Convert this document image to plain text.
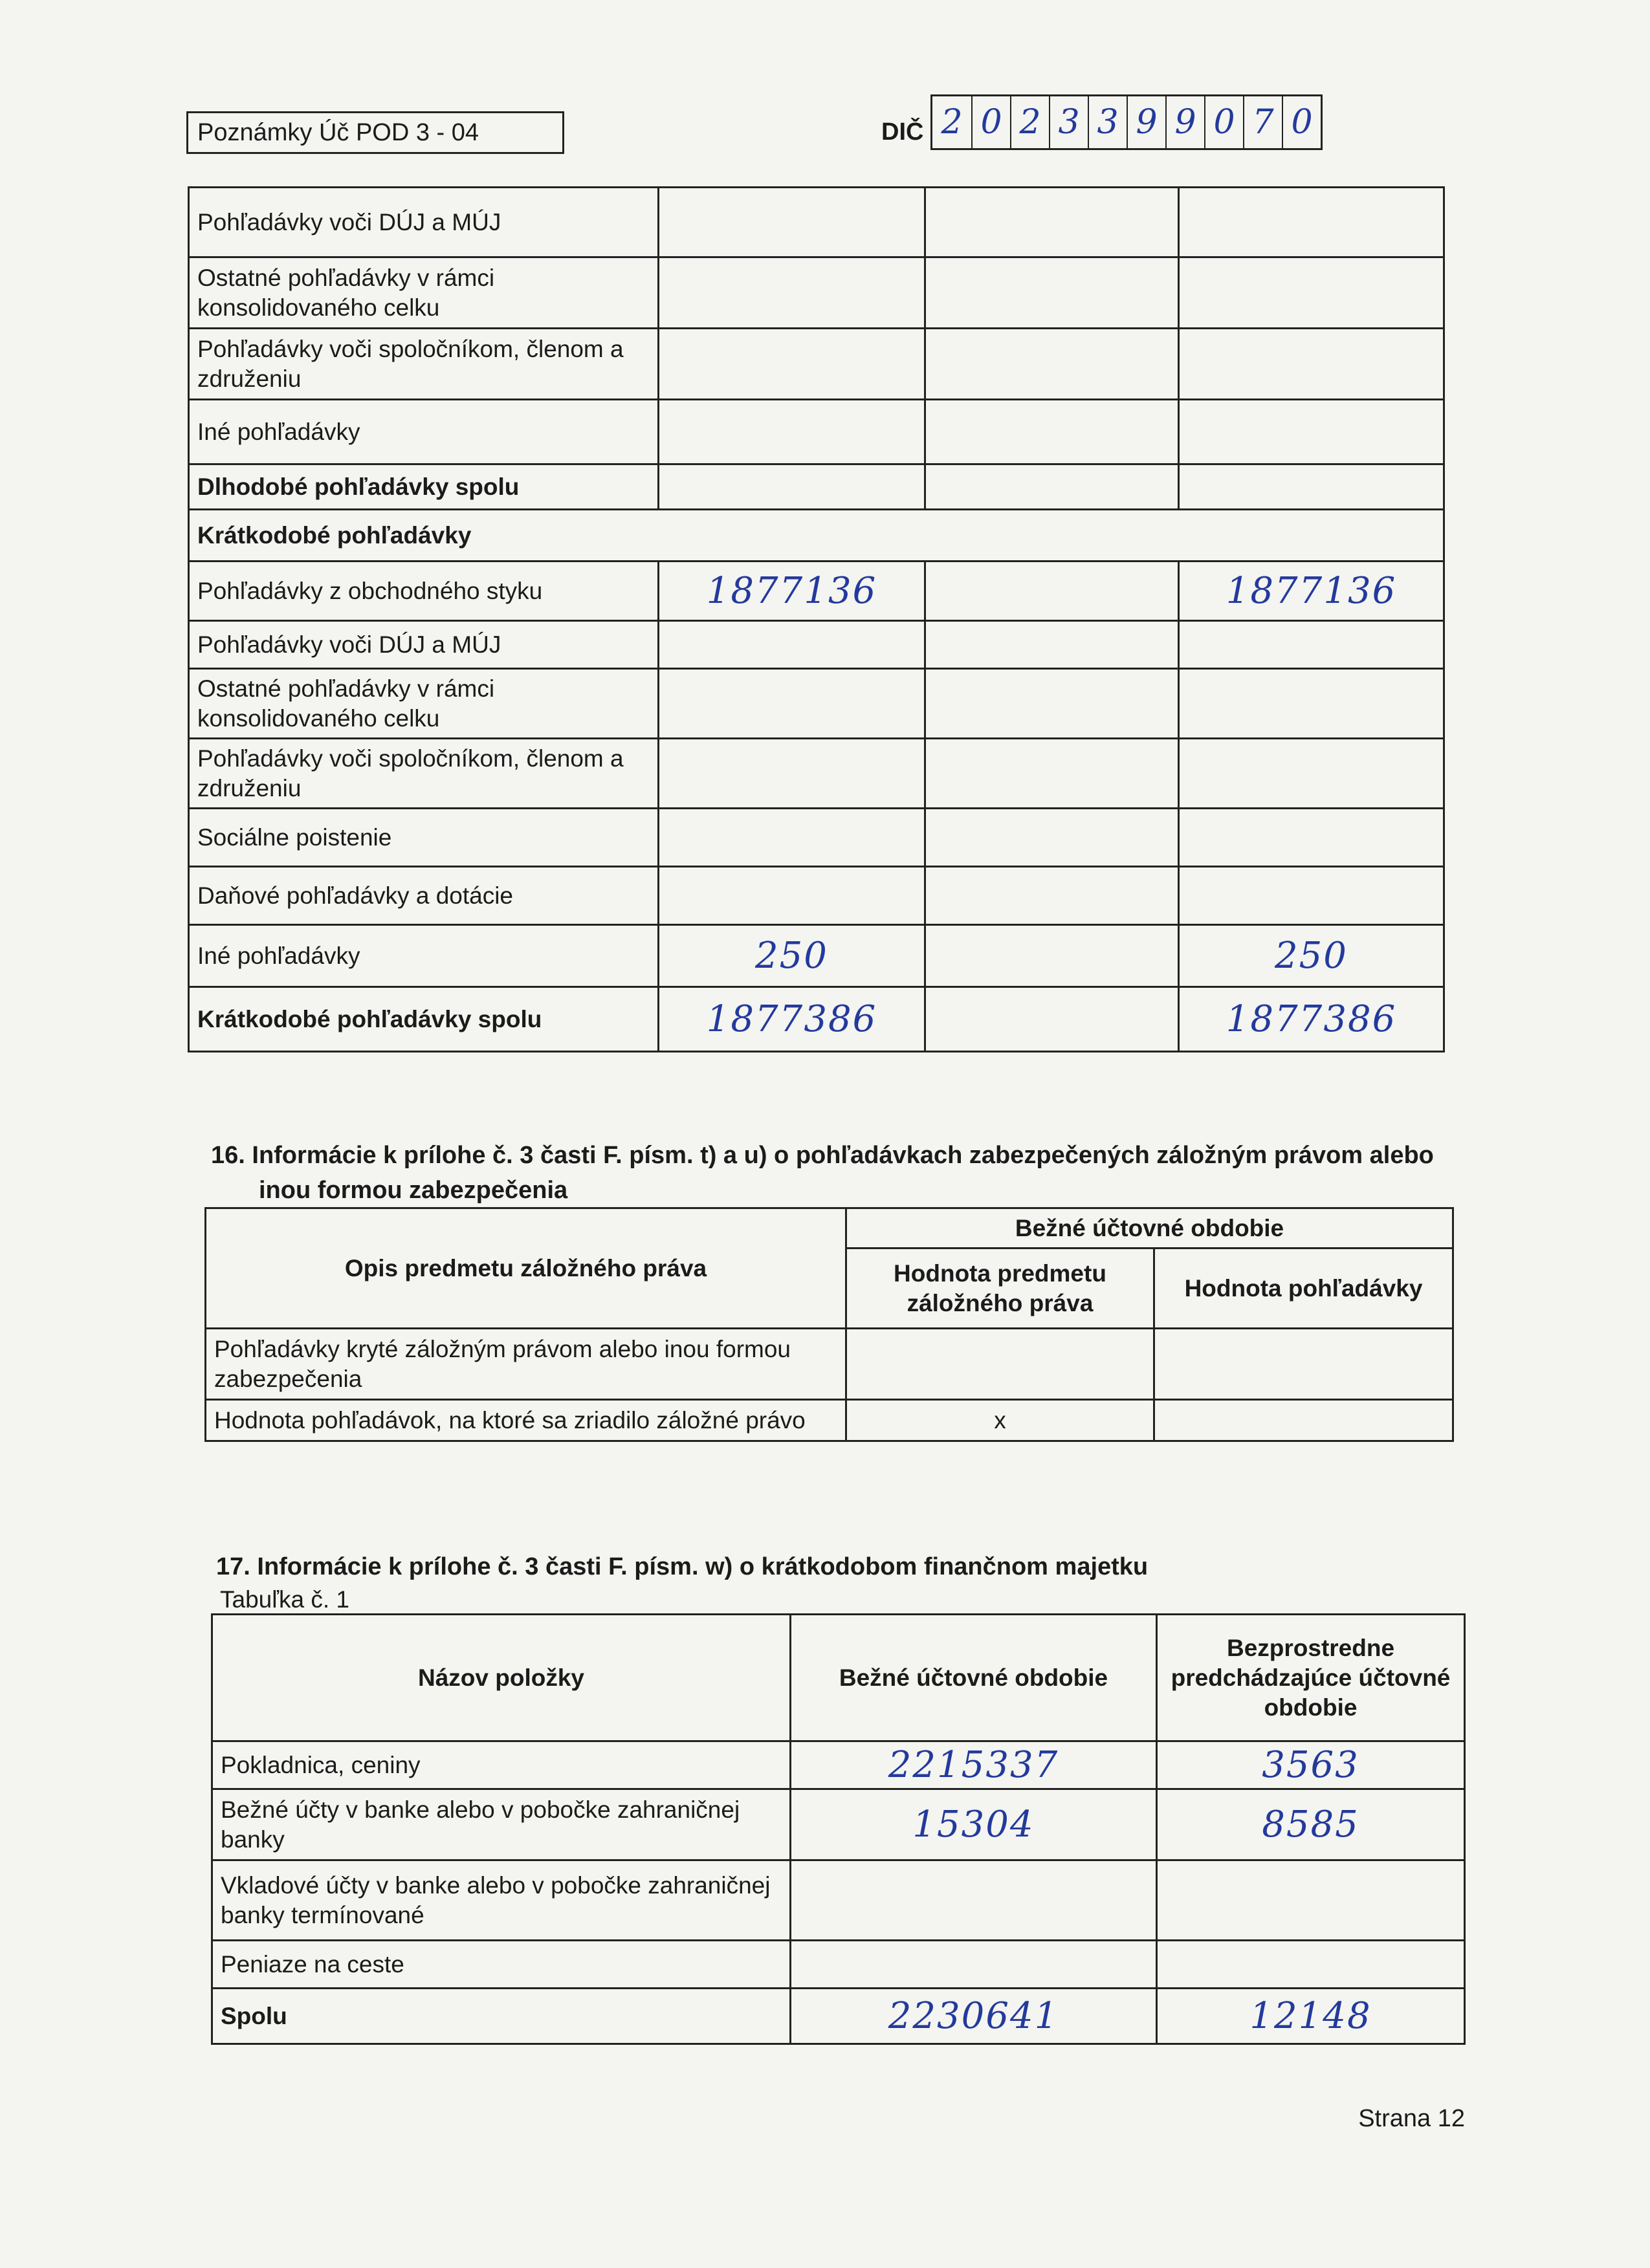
Poznámky Úč POD 3 - 04	DIČ 2 0 2 3 3 9 9 0 7 0
Pohľadávky voči DÚJ a MÚJ			
Ostatné pohľadávky v rámci konsolidovaného celku			
Pohľadávky voči spoločníkom, členom a združeniu			
Iné pohľadávky			
Dlhodobé pohľadávky spolu			
Krátkodobé pohľadávky			
Pohľadávky z obchodného styku	1877136		1877136
Pohľadávky voči DÚJ a MÚJ			
Ostatné pohľadávky v rámci konsolidovaného celku			
Pohľadávky voči spoločníkom, členom a združeniu			
Sociálne poistenie			
Daňové pohľadávky a dotácie			
Iné pohľadávky	250		250
Krátkodobé pohľadávky spolu	1877386		1877386
16. Informácie k prílohe č. 3 časti F. písm. t) a u) o pohľadávkach zabezpečených záložným právom alebo
inou formou zabezpečenia
Opis predmetu záložného práva	Bežné účtovné obdobie	
	Hodnota predmetu záložného práva	Hodnota pohľadávky
Pohľadávky kryté záložným právom alebo inou formou zabezpečenia		
Hodnota pohľadávok, na ktoré sa zriadilo záložné právo	x	
17. Informácie k prílohe č. 3 časti F. písm. w) o krátkodobom finančnom majetku
Tabuľka č. 1
Názov položky	Bežné účtovné obdobie	Bezprostredne predchádzajúce účtovné obdobie
Pokladnica, ceniny	2215337	3563
Bežné účty v banke alebo v pobočke zahraničnej banky	15304	8585
Vkladové účty v banke alebo v pobočke zahraničnej banky termínované		
Peniaze na ceste		
Spolu	2230641	12148
Strana 12
